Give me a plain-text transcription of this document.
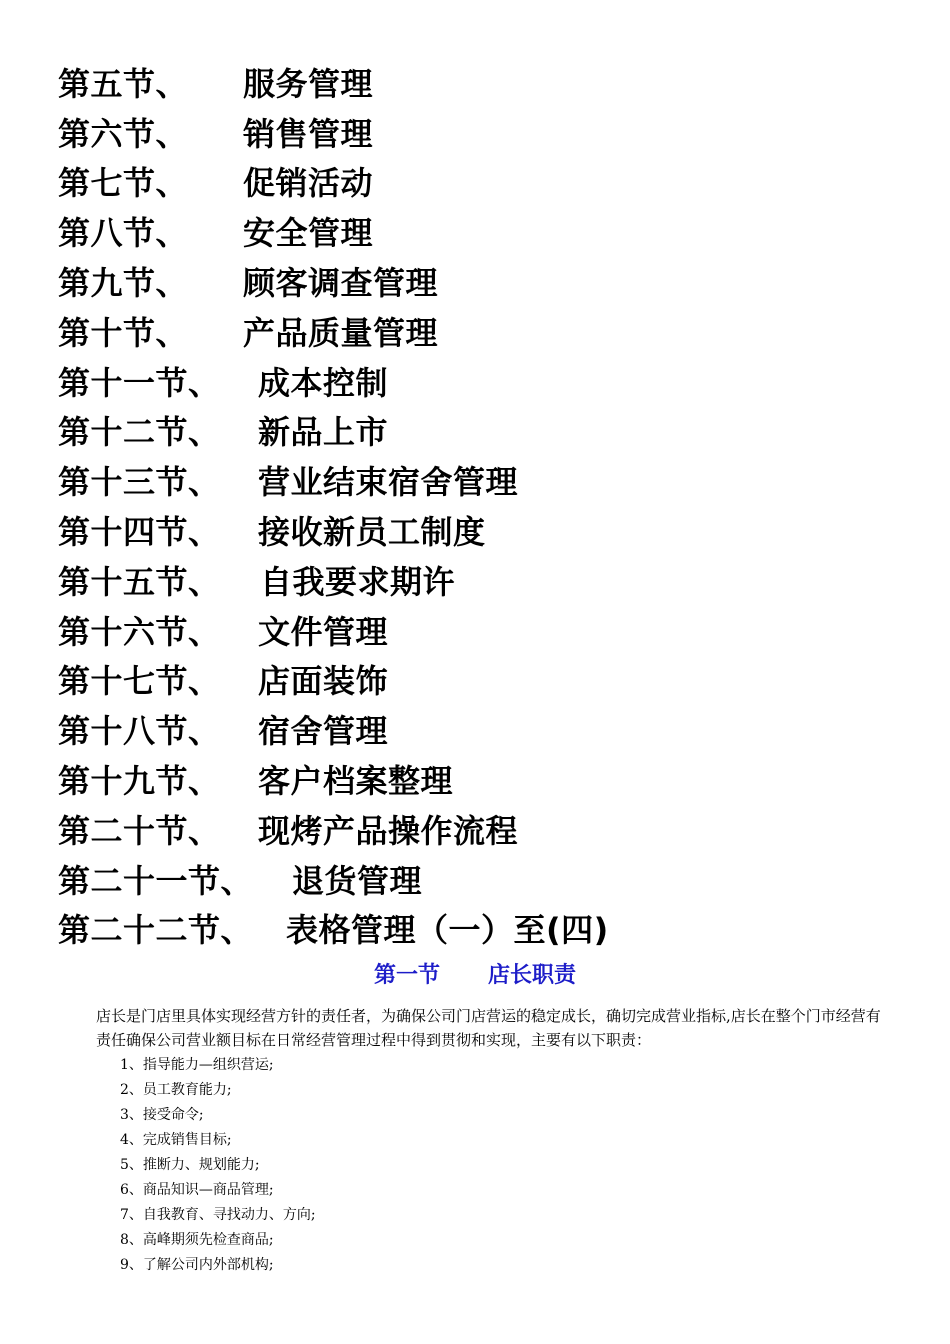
第五节、	服务管理
第六节、	销售管理
第七节、	促销活动
第八节、	安全管理
第九节、	顾客调查管理
第十节、	产品质量管理
第十一节、	成本控制
第十二节、	新品上市
第十三节、	营业结束宿舍管理
第十四节、	接收新员工制度
第十五节、	自我要求期许
第十六节、	文件管理
第十七节、	店面装饰
第十八节、	宿舍管理
第十九节、	客户档案整理
第二十节、	现烤产品操作流程
第二十一节、	退货管理
第二十二节、	表格管理（一）至(四)
第一节 店长职责
店长是门店里具体实现经营方针的责任者，为确保公司门店营运的稳定成长，确切完成营业指标,店长在整个门市经营有责任确保公司营业额目标在日常经营管理过程中得到贯彻和实现，主要有以下职责：
1、指导能力—组织营运;
2、员工教育能力;
3、接受命令;
4、完成销售目标;
5、推断力、规划能力;
6、商品知识—商品管理;
7、自我教育、寻找动力、方向;
8、高峰期须先检查商品;
9、了解公司内外部机构;
